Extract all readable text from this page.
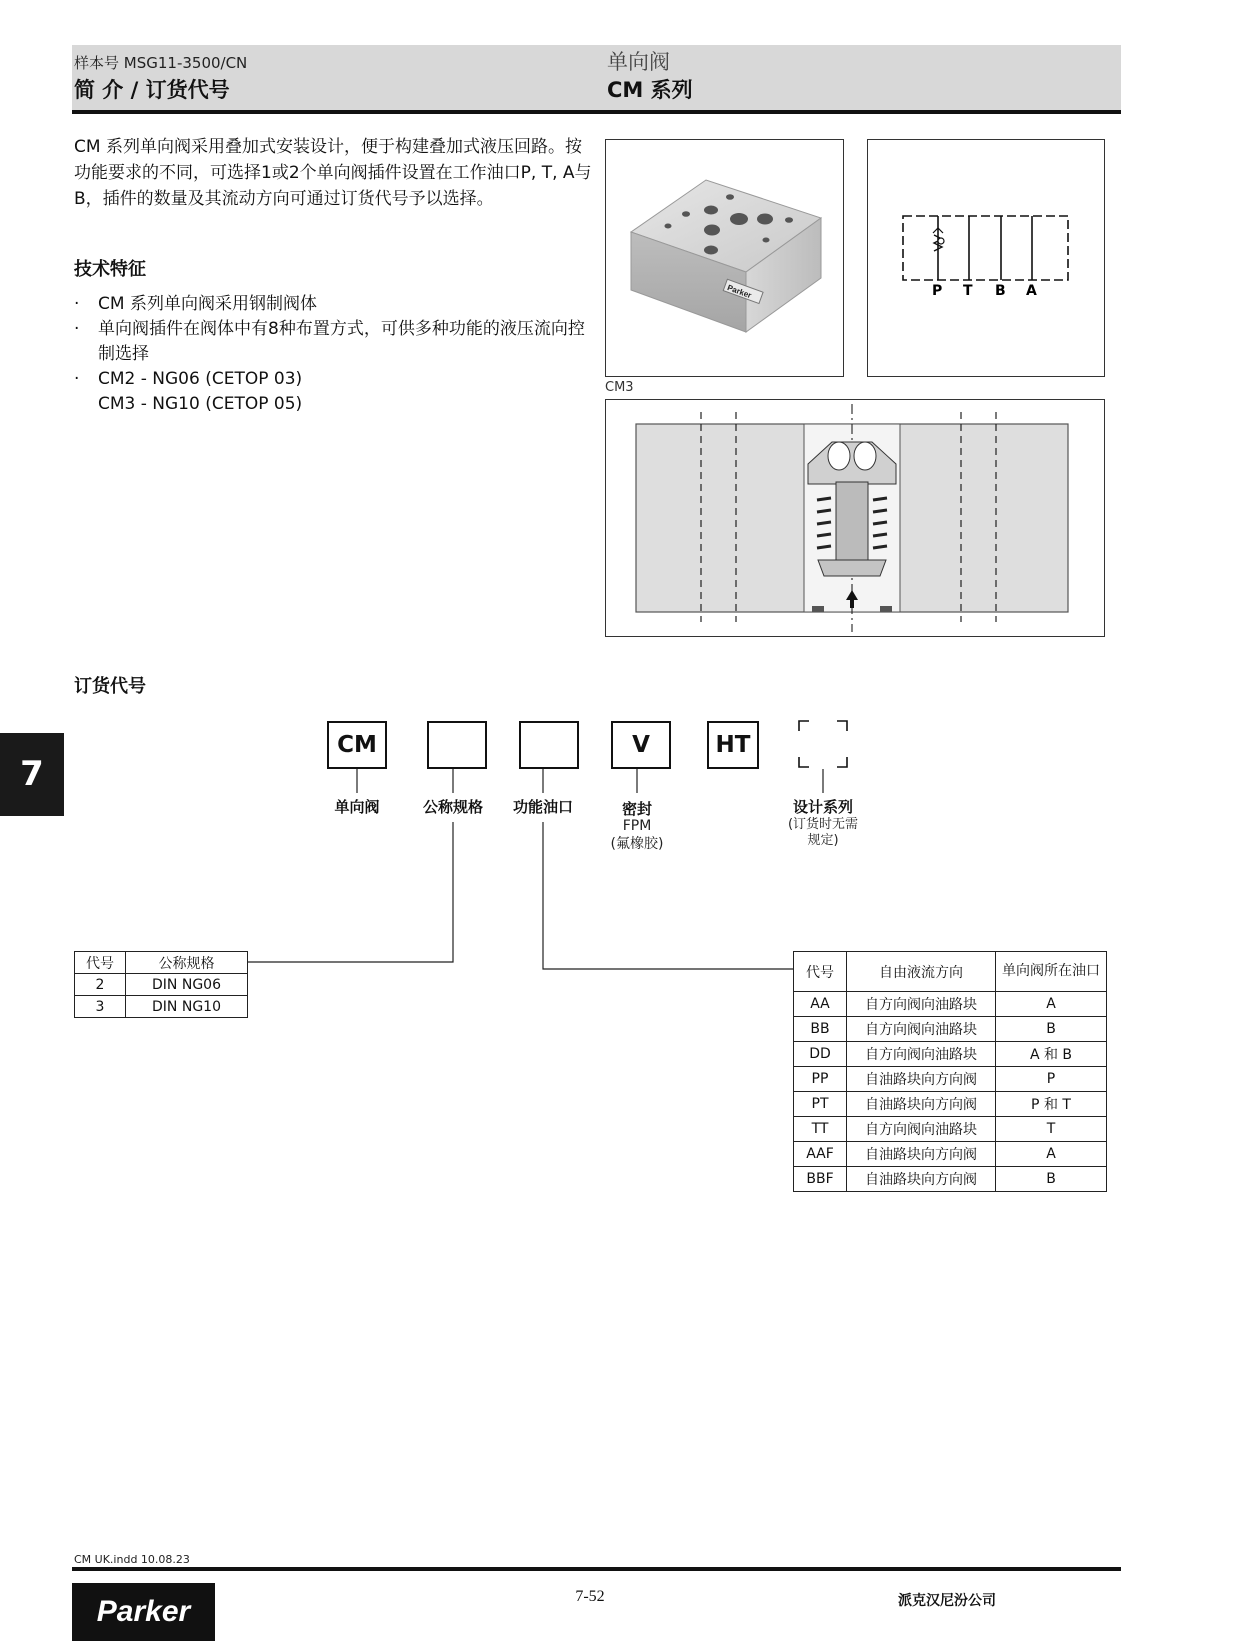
样本号 MSG11-3500/CN
简 介 / 订货代号
单向阀
CM 系列
CM 系列单向阀采用叠加式安装设计，便于构建叠加式液压回路。按功能要求的不同，可选择1或2个单向阀插件设置在工作油口P, T, A与B，插件的数量及其流动方向可通过订货代号予以选择。
技术特征
· CM 系列单向阀采用钢制阀体
· 单向阀插件在阀体中有8种布置方式，可供多种功能的液压流向控制选择
· CM2 - NG06 (CETOP 03)
CM3 - NG10 (CETOP 05)
Parker	P T B A
CM3
7
订货代号
CM	V	HT
单向阀	公称规格	功能油口	密封
FPM
(氟橡胶)
设计系列
(订货时无需
规定)
代号	公称规格
2	DIN NG06
3	DIN NG10
代号	自由液流方向	单向阀所在油口
AA	自方向阀向油路块	A
BB	自方向阀向油路块	B
DD	自方向阀向油路块	A 和 B
PP	自油路块向方向阀	P
PT	自油路块向方向阀	P 和 T
TT	自方向阀向油路块	T
AAF	自油路块向方向阀	A
BBF	自油路块向方向阀	B
CM UK.indd 10.08.23
Parker	7-52	派克汉尼汾公司
